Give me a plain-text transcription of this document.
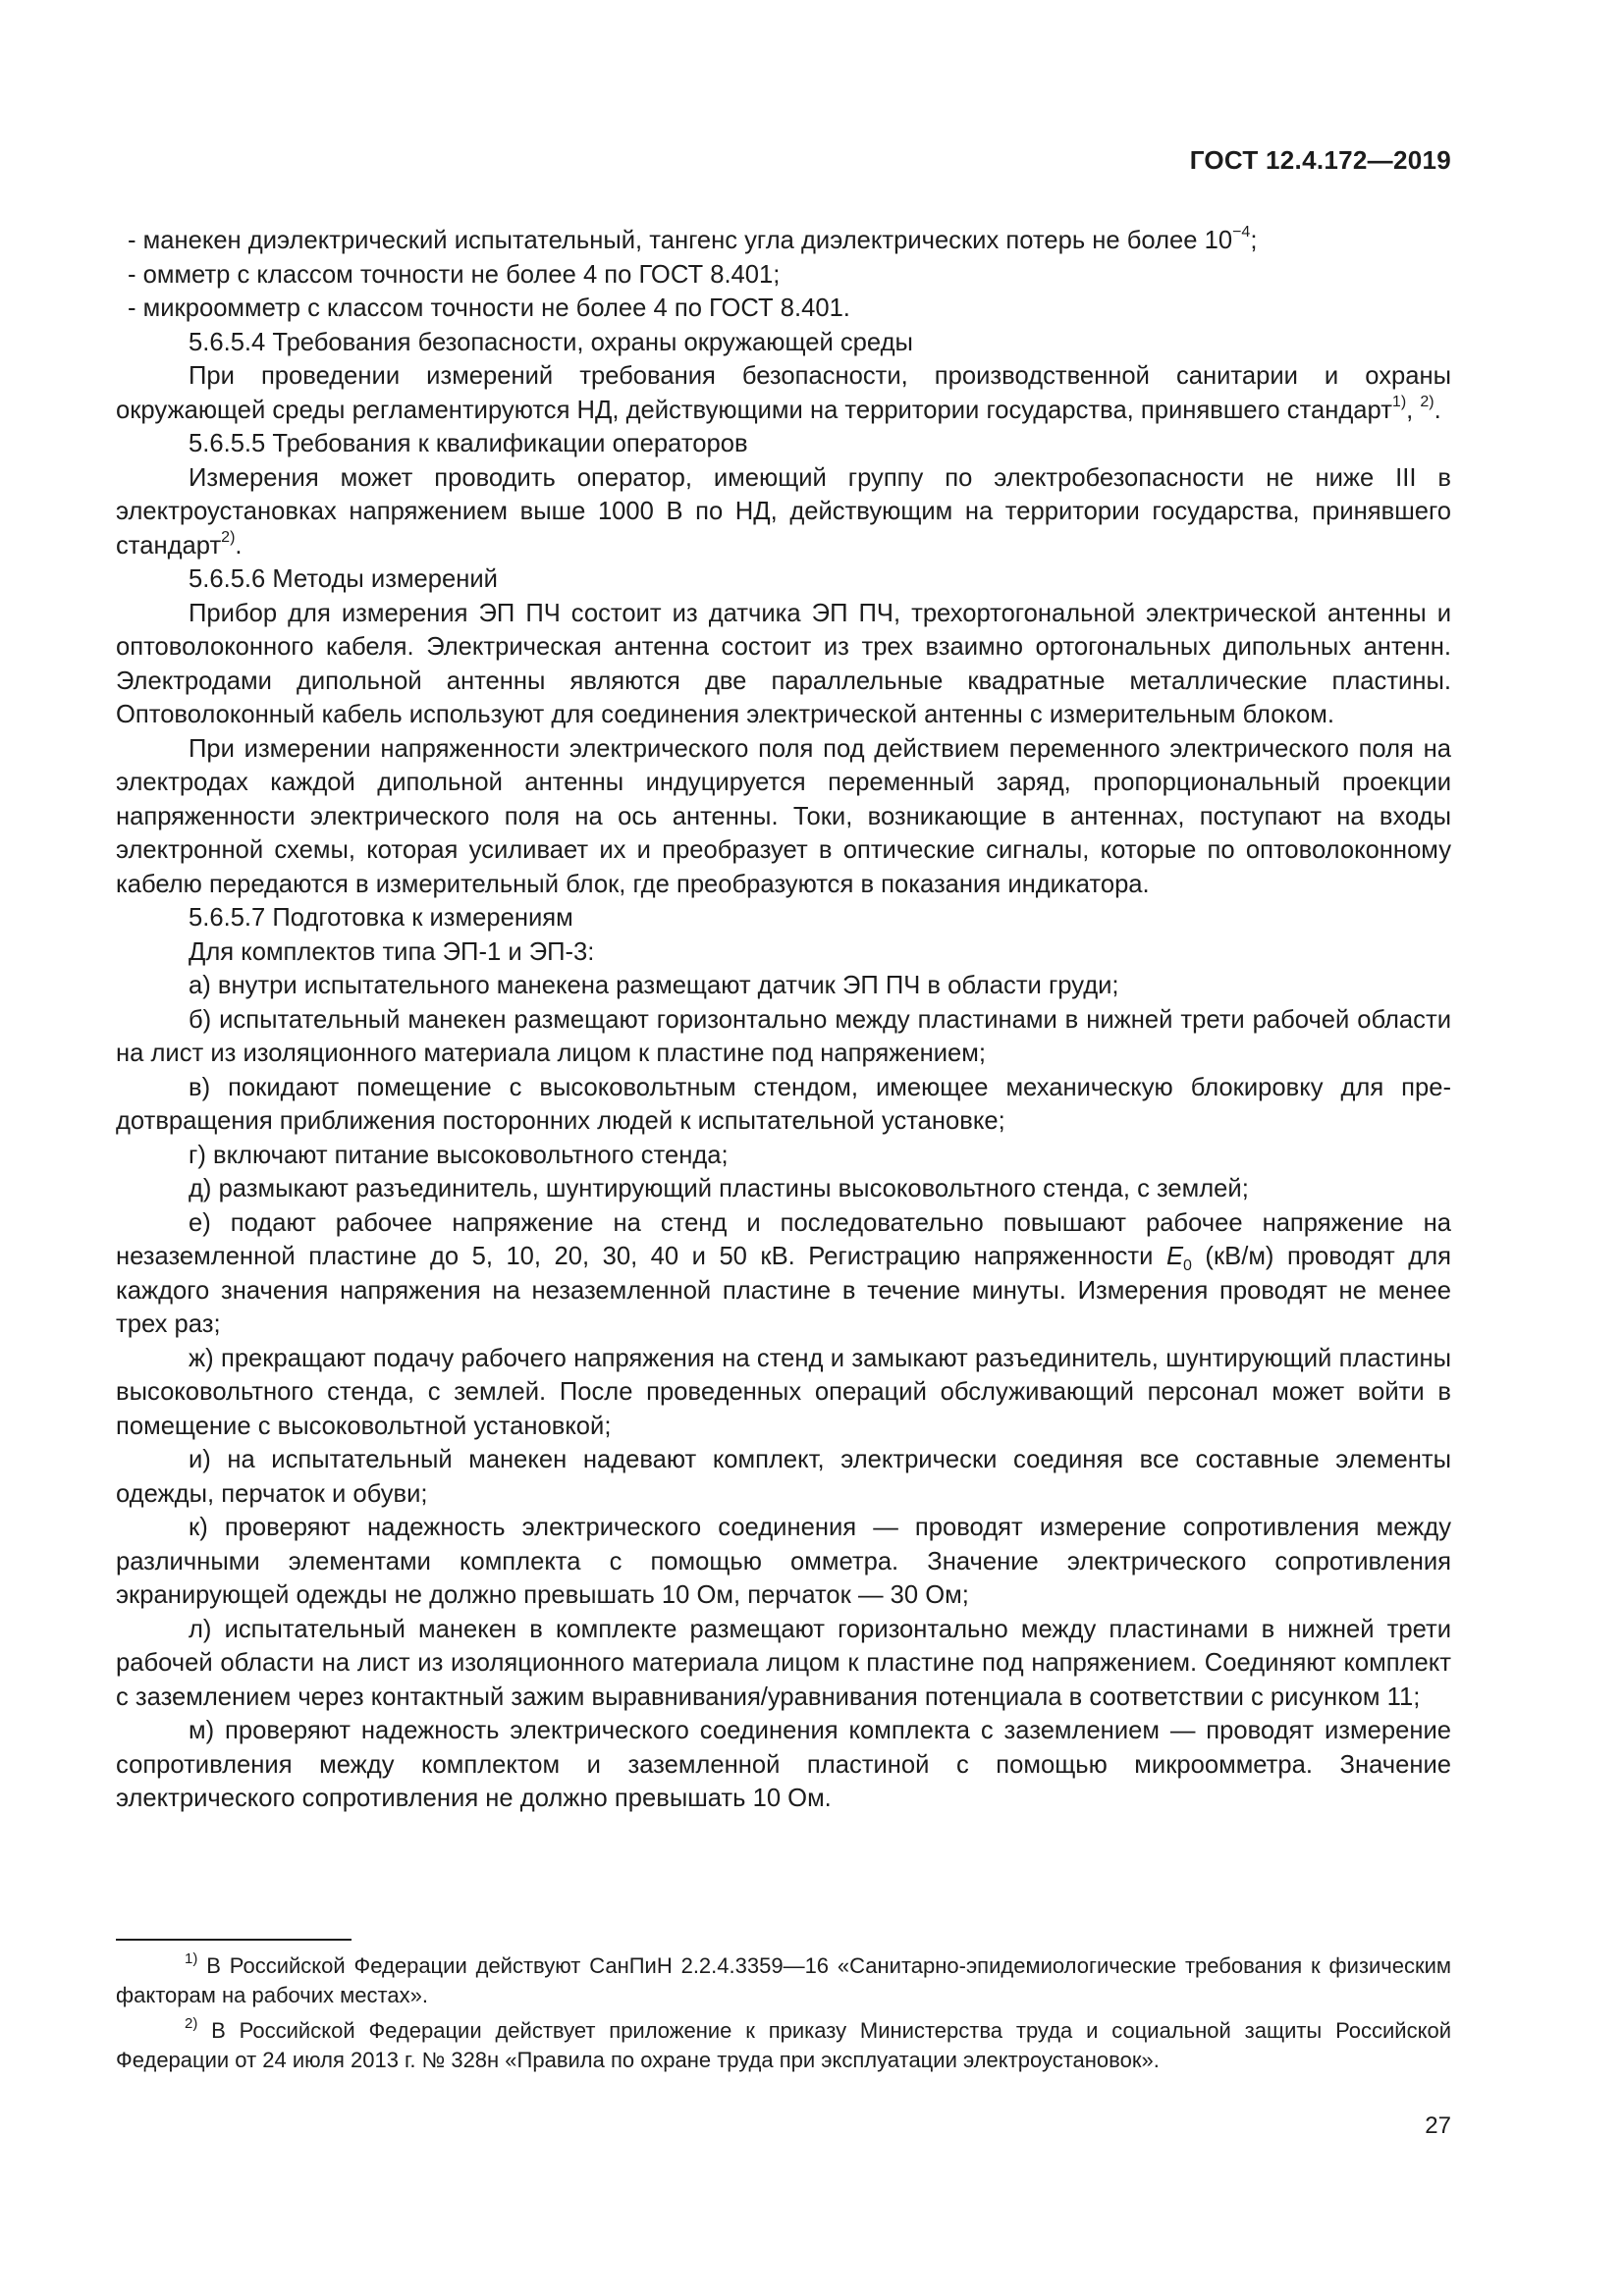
ГОСТ 12.4.172—2019

- манекен диэлектрический испытательный, тангенс угла диэлектрических потерь не более $10^{-4}$;

- омметр с классом точности не более 4 по ГОСТ 8.401;

- микроомметр с классом точности не более 4 по ГОСТ 8.401.

5.6.5.4 Требования безопасности, охраны окружающей среды

При проведении измерений требования безопасности, производственной санитарии и охраны окружающей среды регламентируются НД, действующими на территории государства, принявшего стандарт$^{1)}$, $^{2)}$.

5.6.5.5 Требования к квалификации операторов

Измерения может проводить оператор, имеющий группу по электробезопасности не ниже III в электроустановках напряжением выше 1000 В по НД, действующим на территории государства, принявшего стандарт$^{2)}$.

5.6.5.6 Методы измерений

Прибор для измерения ЭП ПЧ состоит из датчика ЭП ПЧ, трехортогональной электрической антенны и оптоволоконного кабеля. Электрическая антенна состоит из трех взаимно ортогональных дипольных антенн. Электродами дипольной антенны являются две параллельные квадратные металлические пластины. Оптоволоконный кабель используют для соединения электрической антенны с измерительным блоком.

При измерении напряженности электрического поля под действием переменного электрического поля на электродах каждой дипольной антенны индуцируется переменный заряд, пропорциональный проекции напряженности электрического поля на ось антенны. Токи, возникающие в антеннах, поступают на входы электронной схемы, которая усиливает их и преобразует в оптические сигналы, которые по оптоволоконному кабелю передаются в измерительный блок, где преобразуются в показания индикатора.

5.6.5.7 Подготовка к измерениям

Для комплектов типа ЭП-1 и ЭП-3:

а) внутри испытательного манекена размещают датчик ЭП ПЧ в области груди;

б) испытательный манекен размещают горизонтально между пластинами в нижней трети рабочей области на лист из изоляционного материала лицом к пластине под напряжением;

в) покидают помещение с высоковольтным стендом, имеющее механическую блокировку для предотвращения приближения посторонних людей к испытательной установке;

г) включают питание высоковольтного стенда;

д) размыкают разъединитель, шунтирующий пластины высоковольтного стенда, с землей;

е) подают рабочее напряжение на стенд и последовательно повышают рабочее напряжение на незаземленной пластине до 5, 10, 20, 30, 40 и 50 кВ. Регистрацию напряженности $E_0$ (кВ/м) проводят для каждого значения напряжения на незаземленной пластине в течение минуты. Измерения проводят не менее трех раз;

ж) прекращают подачу рабочего напряжения на стенд и замыкают разъединитель, шунтирующий пластины высоковольтного стенда, с землей. После проведенных операций обслуживающий персонал может войти в помещение с высоковольтной установкой;

и) на испытательный манекен надевают комплект, электрически соединяя все составные элементы одежды, перчаток и обуви;

к) проверяют надежность электрического соединения — проводят измерение сопротивления между различными элементами комплекта с помощью омметра. Значение электрического сопротивления экранирующей одежды не должно превышать 10 Ом, перчаток — 30 Ом;

л) испытательный манекен в комплекте размещают горизонтально между пластинами в нижней трети рабочей области на лист из изоляционного материала лицом к пластине под напряжением. Соединяют комплект с заземлением через контактный зажим выравнивания/уравнивания потенциала в соответствии с рисунком 11;

м) проверяют надежность электрического соединения комплекта с заземлением — проводят измерение сопротивления между комплектом и заземленной пластиной с помощью микроомметра. Значение электрического сопротивления не должно превышать 10 Ом.

$^{1)}$ В Российской Федерации действуют СанПиН 2.2.4.3359—16 «Санитарно-эпидемиологические требования к физическим факторам на рабочих местах».

$^{2)}$ В Российской Федерации действует приложение к приказу Министерства труда и социальной защиты Российской Федерации от 24 июля 2013 г. № 328н «Правила по охране труда при эксплуатации электроустановок».

27
